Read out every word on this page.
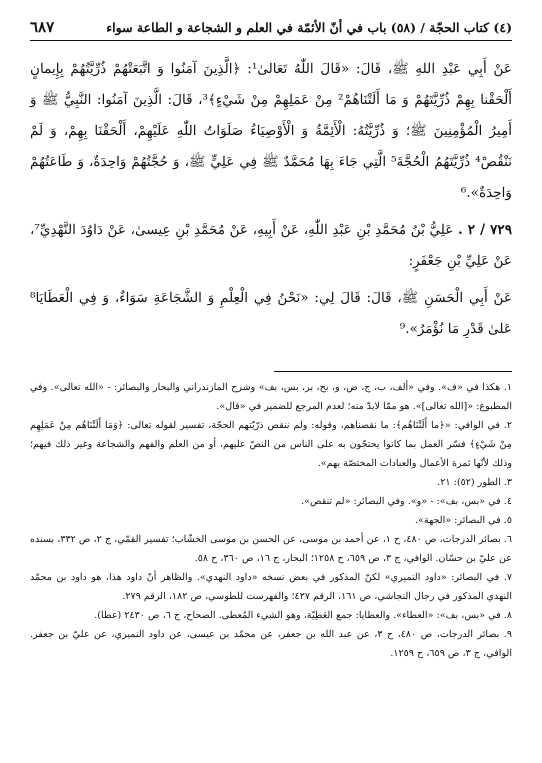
(٤) كتاب الحجّة / (٥٨) باب في أنّ الأئمّة في العلم و الشجاعة و الطاعة سواء
٦٨٧

عَنْ أَبِي عَبْدِ اللهِ ﷺ، قَالَ: «قَالَ اللّٰهُ تَعَالىٰ¹: ﴿الَّذِينَ آمَنُوا وَ اتَّبَعَتْهُمْ ذُرِّيَّتُهُمْ بِإِيمانٍ أَلْحَقْنا بِهِمْ ذُرِّيَّتَهُمْ وَ مَا أَلَتْنَاهُمْ² مِنْ عَمَلِهِمْ مِنْ شَيْءٍ﴾³، قَالَ: الَّذِينَ آمَنُوا: النَّبِيُّ ﷺ وَ أَمِيرُ الْمُؤْمِنِينَ ﷺ؛ وَ ذُرِّيَّتُهُ: الْأَئِمَّةُ وَ الْأَوْصِيَاءُ صَلَوَاتُ اللّٰهِ عَلَيْهِمْ، أَلْحَقْنَا بِهِمْ، وَ لَمْ نَنْقُصْ⁴ ذُرِّيَّتَهُمُ الْحُجَّةَ⁵ الَّتِي جَاءَ بِهَا مُحَمَّدٌ ﷺ فِي عَلِيٍّ ﷺ، وَ حُجَّتُهُمْ وَاحِدَةٌ، وَ طَاعَتُهُمْ وَاحِدَةٌ».⁶

٧٢٩ / ٢ . عَلِيُّ بْنُ مُحَمَّدِ بْنِ عَبْدِ اللّٰهِ، عَنْ أَبِيهِ، عَنْ مُحَمَّدِ بْنِ عِيسىٰ، عَنْ دَاوُدَ النَّهْدِيِّ⁷، عَنْ عَلِيِّ بْنِ جَعْفَرٍ:

عَنْ أَبِي الْحَسَنِ ﷺ، قَالَ: قَالَ لِي: «نَحْنُ فِي الْعِلْمِ وَ الشَّجَاعَةِ سَوَاءٌ، وَ فِي الْعَطَايَا⁸ عَلىٰ قَدْرِ مَا نُؤْمَرُ».⁹

١. هكذا في «ف». وفي «ألف، ب، ج، ض، و، بح، بر، بس، بف» وشرح المازندراني والبحار والبصائر: - «الله تعالى». وفي المطبوع: «[الله تعالى]». هو ممّا لابدّ منه؛ لعدم المرجع للضمير في «قال».

٢. في الوافي: «﴿ما أَلَتْنَاهُم﴾: ما نقصناهم، وقوله: ولم ننقص ذرّيّتهم الحجّة، تفسير لقوله تعالى: ﴿وَمَا أَلَتْنَاهُم مِنْ عَمَلِهِم مِنْ شَيْءٍ﴾ فسّر العمل بما كانوا يحتجّون به على الناس من النصّ عليهم، أو من العلم والفهم والشجاعة وغير ذلك فيهم؛ وذلك لأنّها ثمرة الأعمال والعبادات المختصّة بهم».

٣. الطور (٥٢): ٢١.

٤. في «بس، بف»: - «و». وفي البصائر: «لم تنقص».

٥. في البصائر: «الجهة».

٦. بصائر الدرجات، ص ٤٨٠، ح ١، عن أحمد بن موسى، عن الحسن بن موسى الخشّاب؛ تفسير القمّي، ج ٢، ص ٣٣٢، بسنده عن عليّ بن حسّان. الوافي، ج ٣، ص ٦٥٩، ح ١٢٥٨؛ البحار، ج ١٦، ص ٣٦٠، ح ٥٨.

٧. في البصائر: «داود النميري» لكنّ المذكور في بعض نسخه «داود النهدي». والظاهر أنّ داود هذا، هو داود بن محمّد النهدي المذكور في رجال النجاشي، ص ١٦١، الرقم ٤٢٧؛ والفهرست للطوسي، ص ١٨٢، الرقم ٢٧٩.

٨. في «بس، بف»: «العطاء». والعطايا: جمع العَطِيّة، وهو الشيء المُعطى. الصحاح، ج ٦، ص ٢٤٣٠ (عطا).

٩. بصائر الدرجات، ص ٤٨٠، ح ٣، عن عبد الله بن جعفر، عن محمّد بن عيسى، عن داود النميري، عن عليّ بن جعفر. الوافي، ج ٣، ص ٦٥٩، ح ١٢٥٩.
